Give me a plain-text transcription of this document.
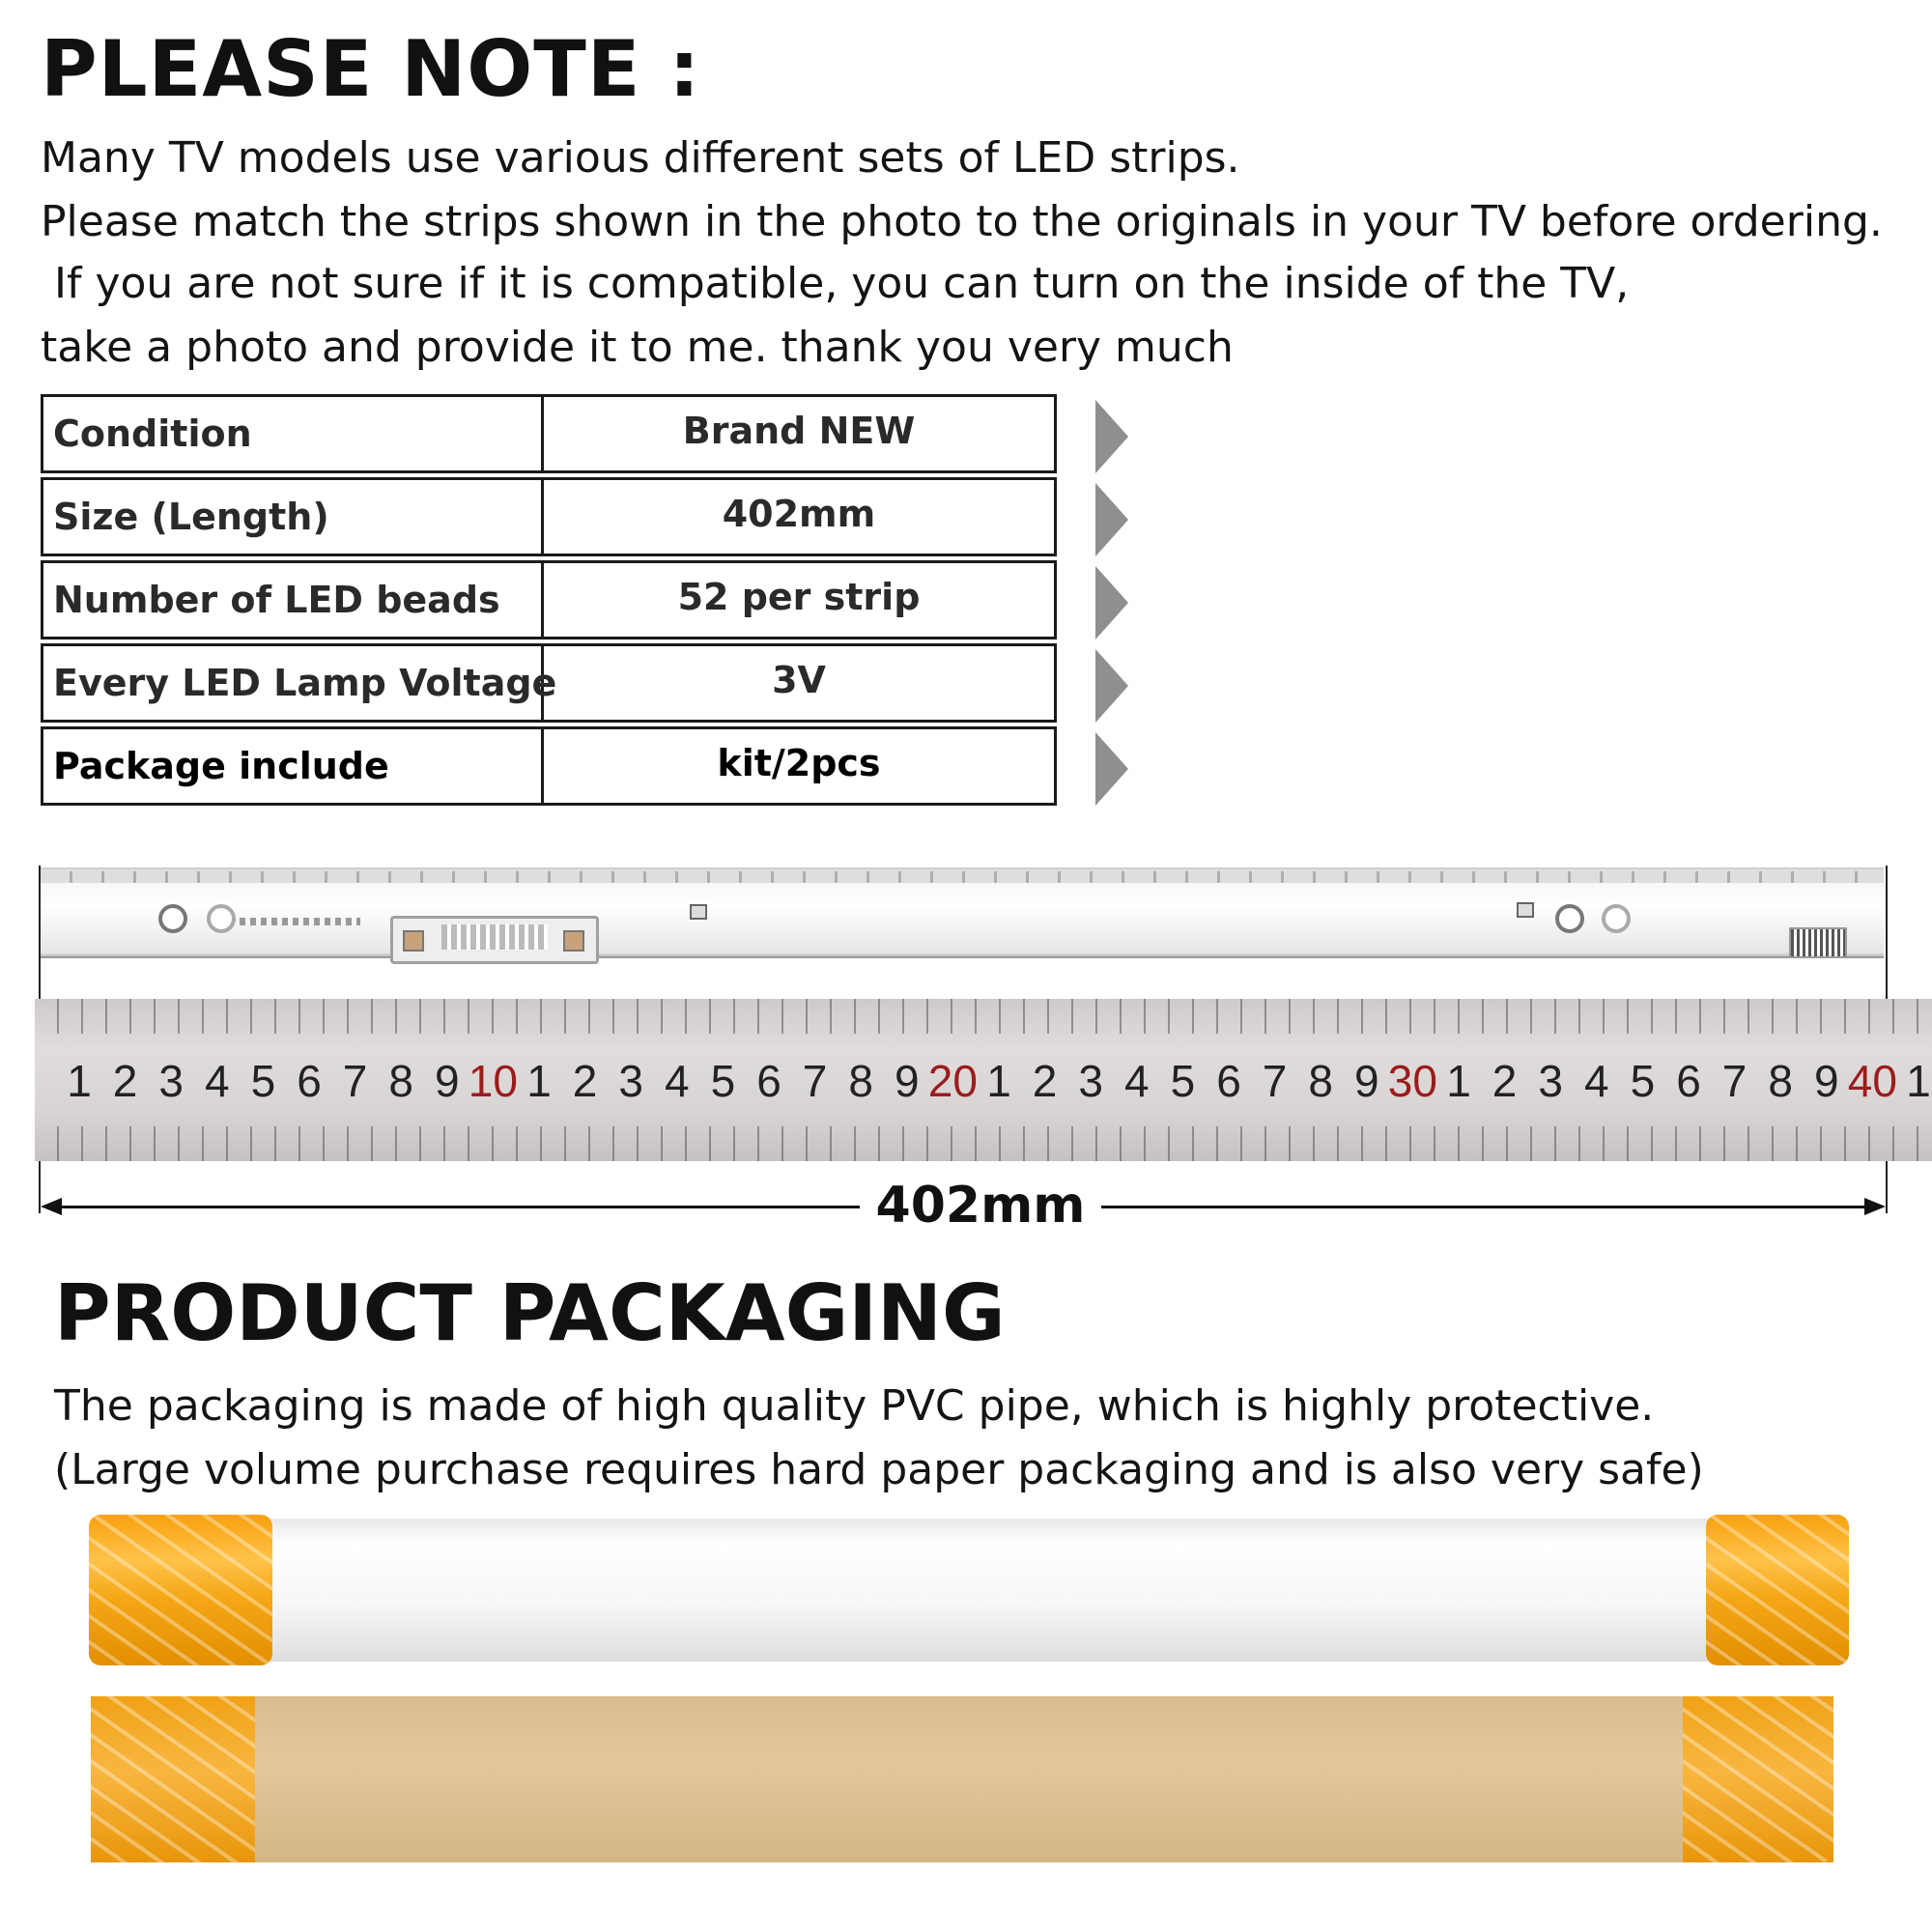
PLEASE NOTE :

Many TV models use various different sets of LED strips.

Please match the strips shown in the photo to the originals in your TV before ordering.

If you are not sure if it is compatible, you can turn on the inside of the TV,

take a photo and provide it to me. thank you very much

Condition	Brand NEW
Size (Length)	402mm
Number of LED beads	52 per strip
Every LED Lamp Voltage	3V
Package include	kit/2pcs
1 2 3 4 5 6 7 8 9 10 1 2 3 4 5 6 7 8 9 20 1 2 3 4 5 6 7 8 9 30 1 2 3 4 5 6 7 8 9 40 1
402mm
PRODUCT PACKAGING

The packaging is made of high quality PVC pipe, which is highly protective.

(Large volume purchase requires hard paper packaging and is also very safe)
